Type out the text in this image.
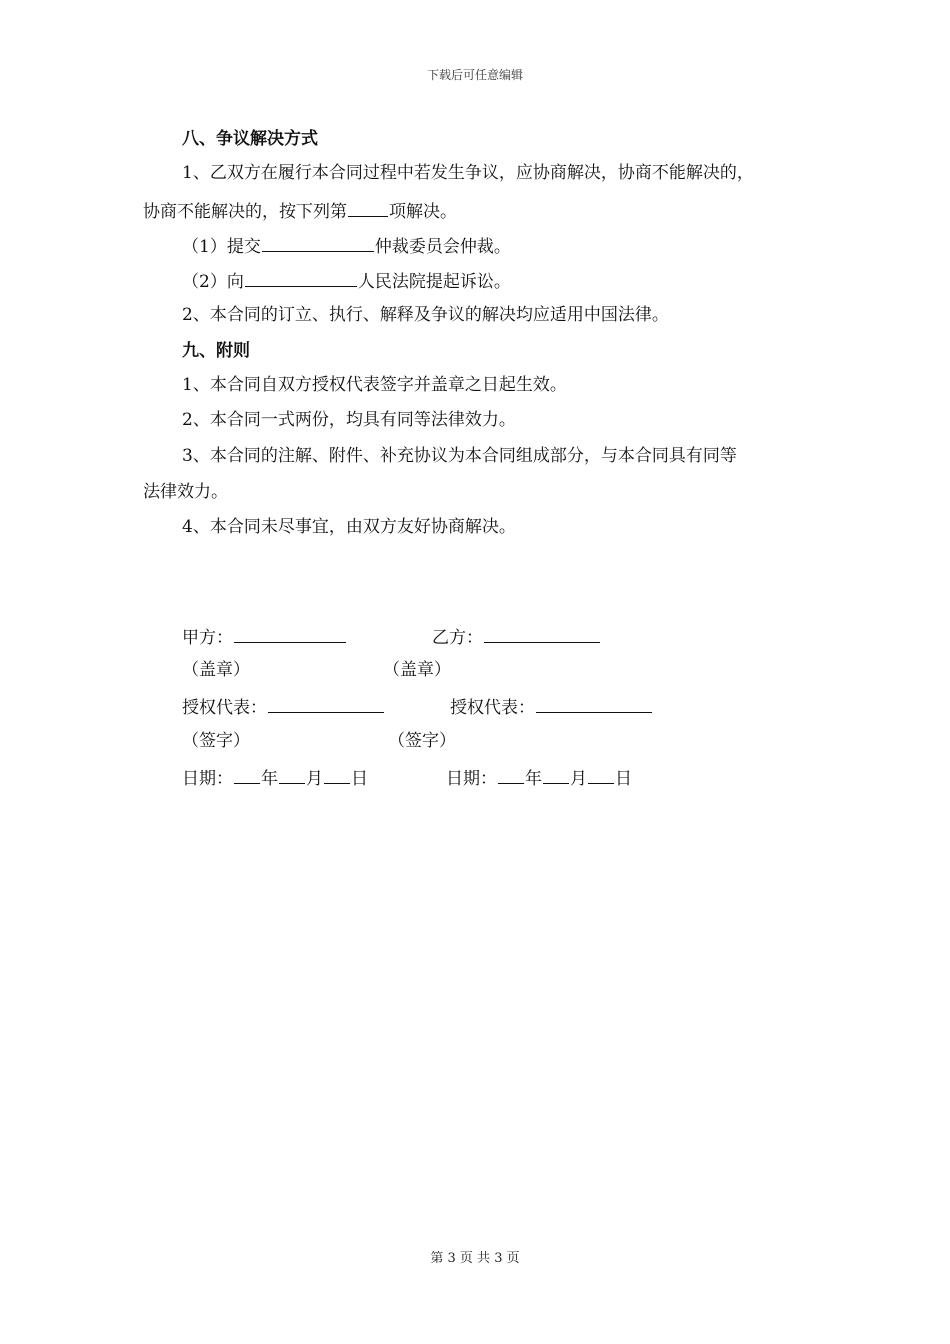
下载后可任意编辑
八、争议解决方式
1、乙双方在履行本合同过程中若发生争议，应协商解决，协商不能解决的，
协商不能解决的，按下列第 项解决。
（1）提交	仲裁委员会仲裁。
（2）向	人民法院提起诉讼。
2、本合同的订立、执行、解释及争议的解决均应适用中国法律。
九、附则
1、本合同自双方授权代表签字并盖章之日起生效。
2、本合同一式两份，均具有同等法律效力。
3、本合同的注解、附件、补充协议为本合同组成部分，与本合同具有同等
法律效力。
4、本合同未尽事宜，由双方友好协商解决。
甲方：	乙方：
（盖章）	（盖章）
授权代表：	授权代表：
（签字）	（签字）
日期： 年 月 日	日期： 年 月 日
第 3 页 共 3 页
